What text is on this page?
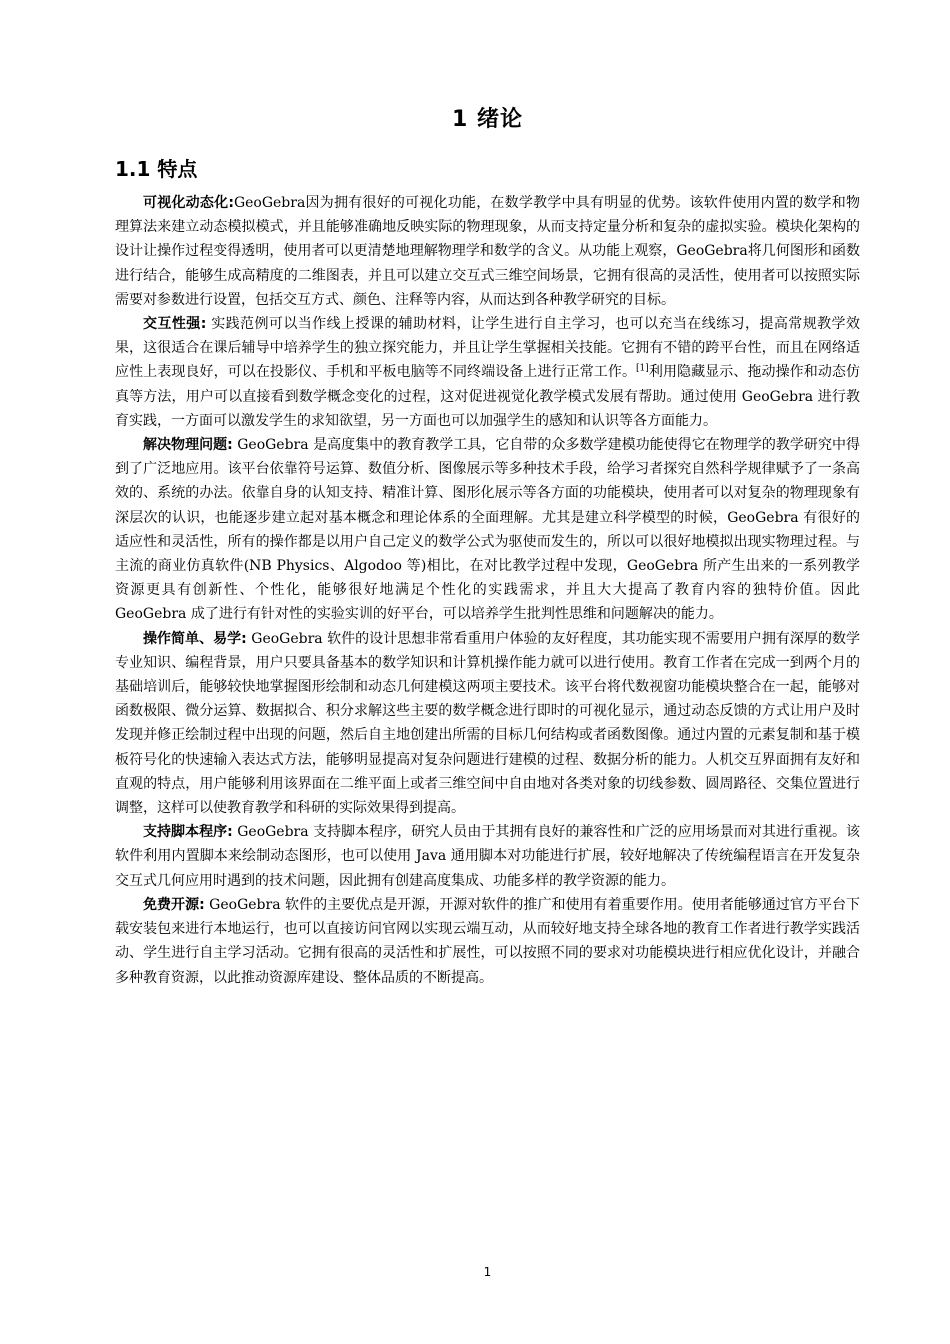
1 绪论
1.1 特点

可视化动态化:GeoGebra因为拥有很好的可视化功能，在数学教学中具有明显的优势。该软件使用内置的数学和物理算法来建立动态模拟模式，并且能够准确地反映实际的物理现象，从而支持定量分析和复杂的虚拟实验。模块化架构的设计让操作过程变得透明，使用者可以更清楚地理解物理学和数学的含义。从功能上观察，GeoGebra将几何图形和函数进行结合，能够生成高精度的二维图表，并且可以建立交互式三维空间场景，它拥有很高的灵活性，使用者可以按照实际需要对参数进行设置，包括交互方式、颜色、注释等内容，从而达到各种教学研究的目标。

交互性强: 实践范例可以当作线上授课的辅助材料，让学生进行自主学习，也可以充当在线练习，提高常规教学效果，这很适合在课后辅导中培养学生的独立探究能力，并且让学生掌握相关技能。它拥有不错的跨平台性，而且在网络适应性上表现良好，可以在投影仪、手机和平板电脑等不同终端设备上进行正常工作。[1]利用隐藏显示、拖动操作和动态仿真等方法，用户可以直接看到数学概念变化的过程，这对促进视觉化教学模式发展有帮助。通过使用 GeoGebra 进行教育实践，一方面可以激发学生的求知欲望，另一方面也可以加强学生的感知和认识等各方面能力。

解决物理问题: GeoGebra 是高度集中的教育教学工具，它自带的众多数学建模功能使得它在物理学的教学研究中得到了广泛地应用。该平台依靠符号运算、数值分析、图像展示等多种技术手段，给学习者探究自然科学规律赋予了一条高效的、系统的办法。依靠自身的认知支持、精准计算、图形化展示等各方面的功能模块，使用者可以对复杂的物理现象有深层次的认识，也能逐步建立起对基本概念和理论体系的全面理解。尤其是建立科学模型的时候，GeoGebra 有很好的适应性和灵活性，所有的操作都是以用户自己定义的数学公式为驱使而发生的，所以可以很好地模拟出现实物理过程。与主流的商业仿真软件(NB Physics、Algodoo 等)相比，在对比教学过程中发现，GeoGebra 所产生出来的一系列教学资源更具有创新性、个性化，能够很好地满足个性化的实践需求，并且大大提高了教育内容的独特价值。因此 GeoGebra 成了进行有针对性的实验实训的好平台，可以培养学生批判性思维和问题解决的能力。

操作简单、易学: GeoGebra 软件的设计思想非常看重用户体验的友好程度，其功能实现不需要用户拥有深厚的数学专业知识、编程背景，用户只要具备基本的数学知识和计算机操作能力就可以进行使用。教育工作者在完成一到两个月的基础培训后，能够较快地掌握图形绘制和动态几何建模这两项主要技术。该平台将代数视窗功能模块整合在一起，能够对函数极限、微分运算、数据拟合、积分求解这些主要的数学概念进行即时的可视化显示，通过动态反馈的方式让用户及时发现并修正绘制过程中出现的问题，然后自主地创建出所需的目标几何结构或者函数图像。通过内置的元素复制和基于模板符号化的快速输入表达式方法，能够明显提高对复杂问题进行建模的过程、数据分析的能力。人机交互界面拥有友好和直观的特点，用户能够利用该界面在二维平面上或者三维空间中自由地对各类对象的切线参数、圆周路径、交集位置进行调整，这样可以使教育教学和科研的实际效果得到提高。

支持脚本程序: GeoGebra 支持脚本程序，研究人员由于其拥有良好的兼容性和广泛的应用场景而对其进行重视。该软件利用内置脚本来绘制动态图形，也可以使用 Java 通用脚本对功能进行扩展，较好地解决了传统编程语言在开发复杂交互式几何应用时遇到的技术问题，因此拥有创建高度集成、功能多样的教学资源的能力。

免费开源: GeoGebra 软件的主要优点是开源，开源对软件的推广和使用有着重要作用。使用者能够通过官方平台下载安装包来进行本地运行，也可以直接访问官网以实现云端互动，从而较好地支持全球各地的教育工作者进行教学实践活动、学生进行自主学习活动。它拥有很高的灵活性和扩展性，可以按照不同的要求对功能模块进行相应优化设计，并融合多种教育资源，以此推动资源库建设、整体品质的不断提高。

1
